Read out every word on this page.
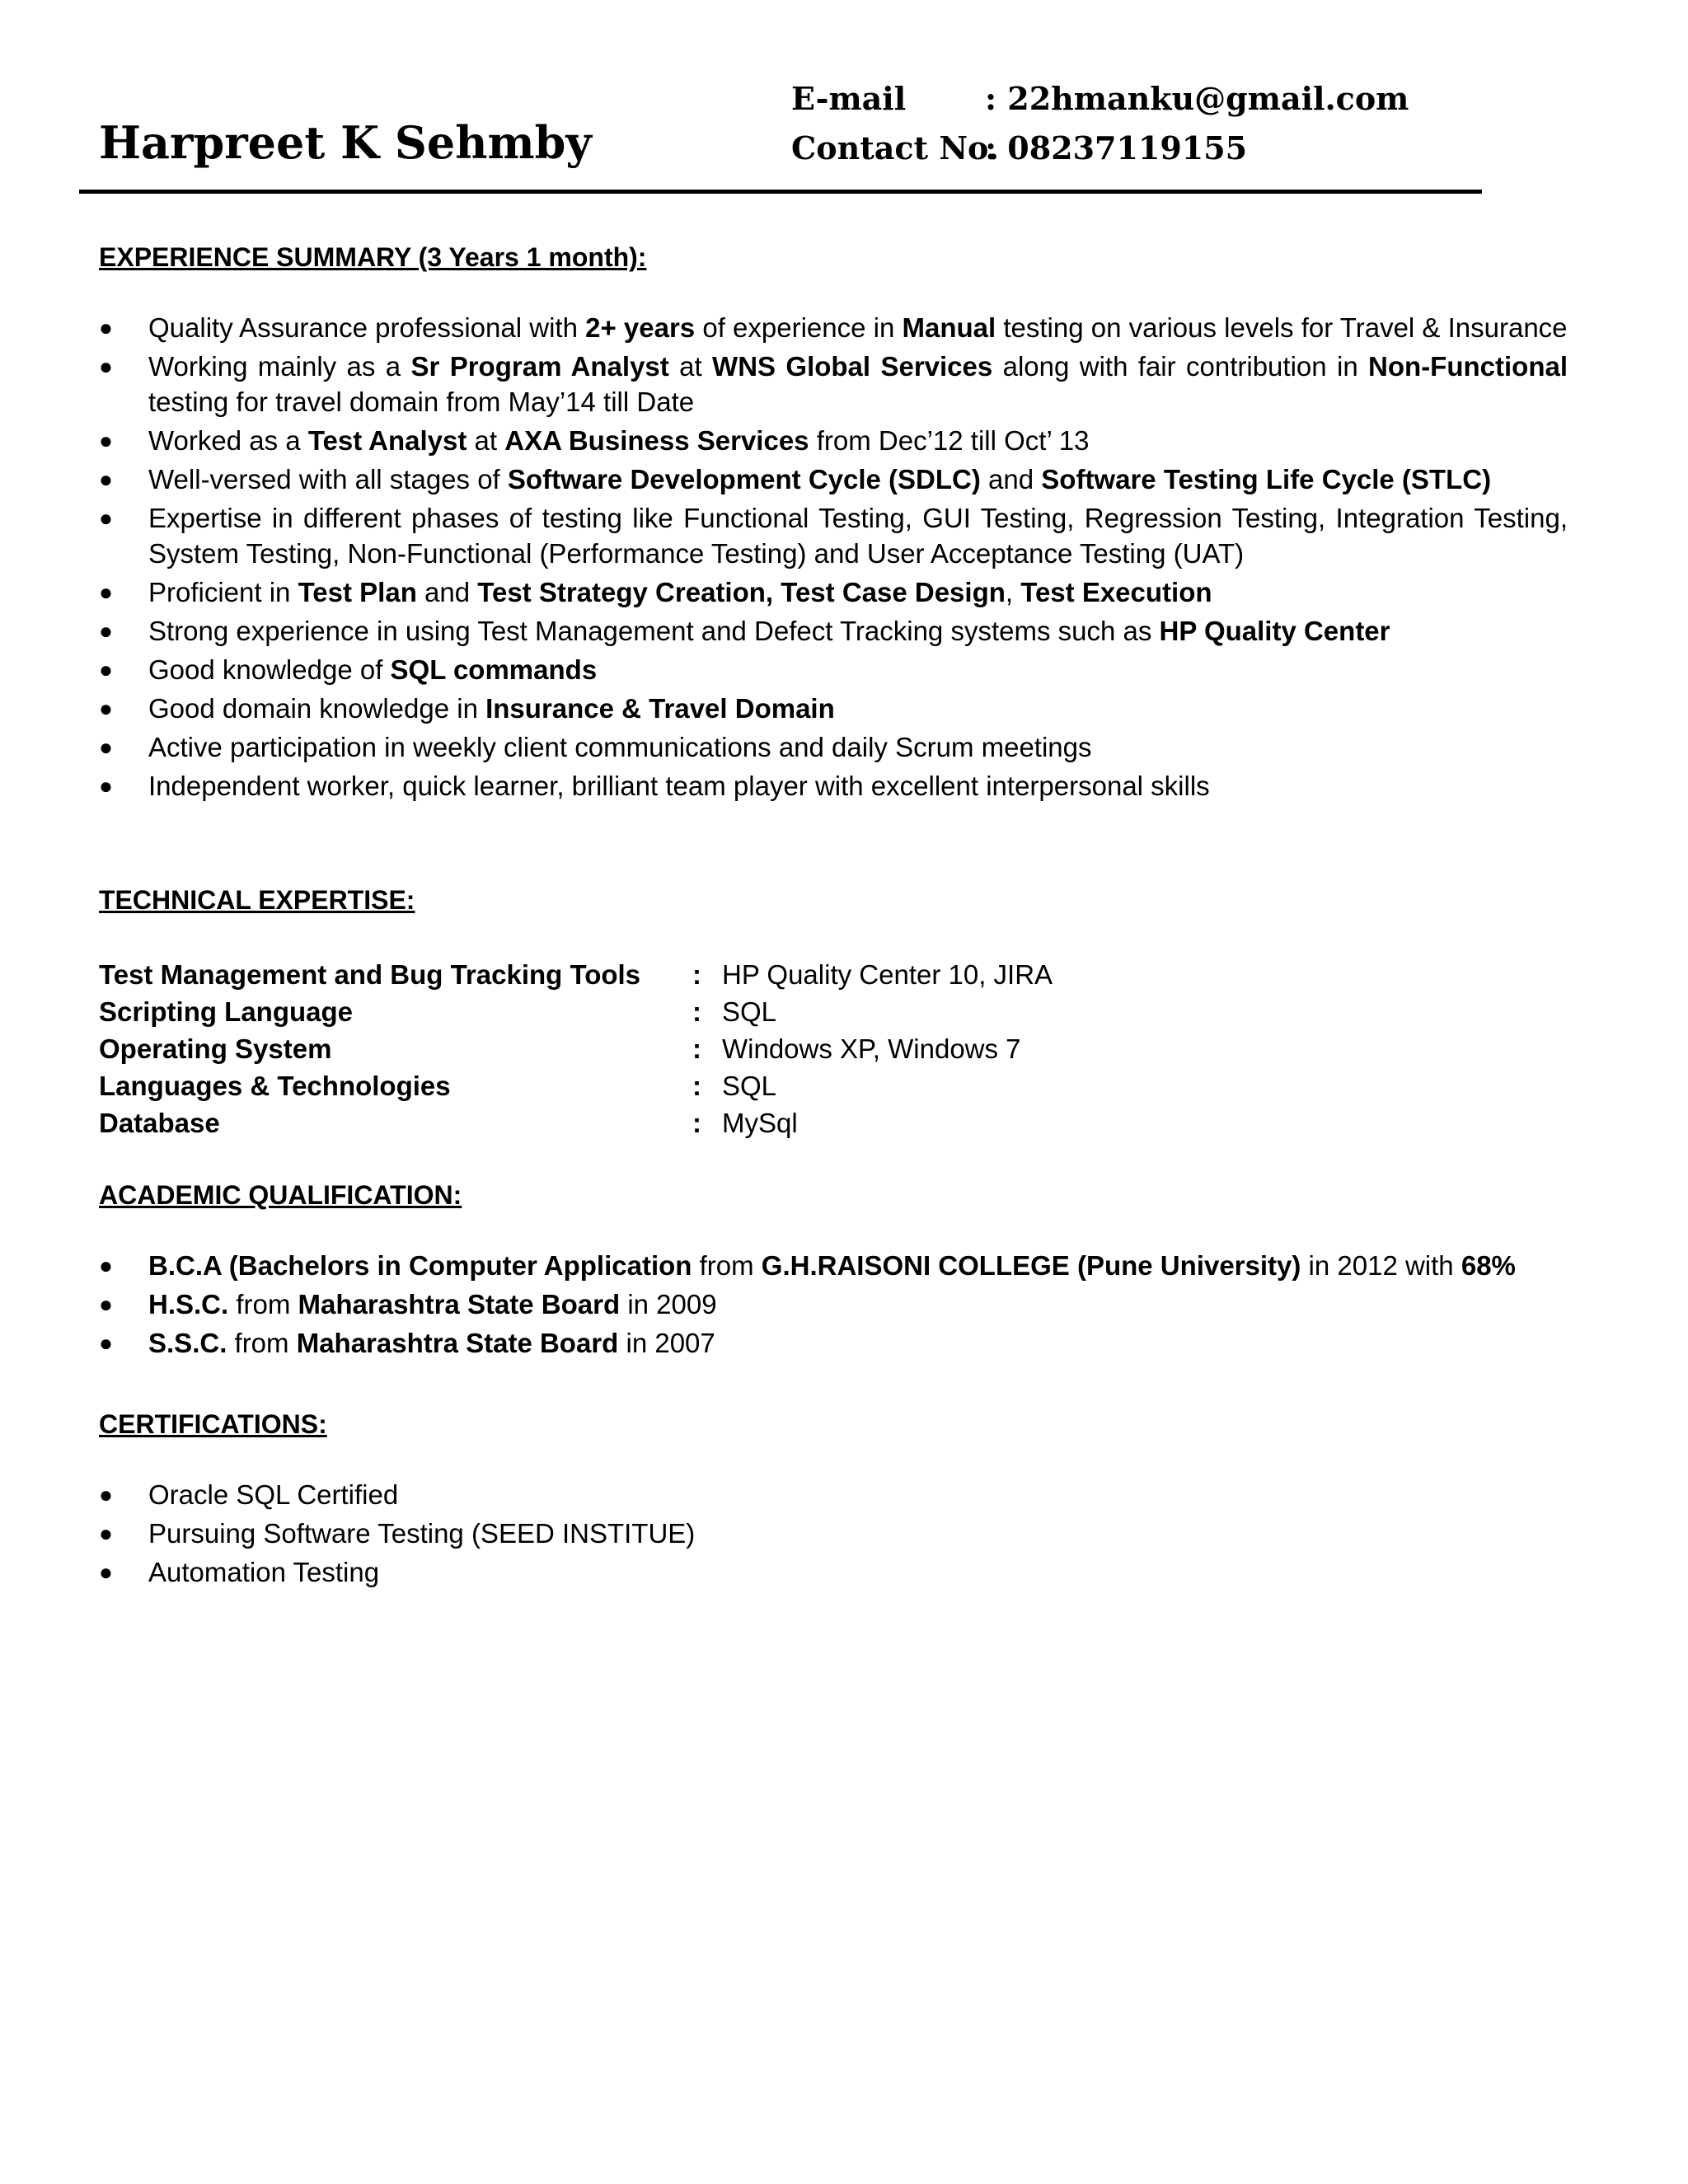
Harpreet K Sehmby
E-mail	: 22hmanku@gmail.com
Contact No.: 08237119155
EXPERIENCE SUMMARY (3 Years 1 month):
● Quality Assurance professional with 2+ years of experience in Manual testing on various levels for Travel & Insurance
● Working mainly as a Sr Program Analyst at WNS Global Services along with fair contribution in Non-Functional testing for travel domain from May’14 till Date
● Worked as a Test Analyst at AXA Business Services from Dec’12 till Oct’ 13
● Well-versed with all stages of Software Development Cycle (SDLC) and Software Testing Life Cycle (STLC)
● Expertise in different phases of testing like Functional Testing, GUI Testing, Regression Testing, Integration Testing, System Testing, Non-Functional (Performance Testing) and User Acceptance Testing (UAT)
● Proficient in Test Plan and Test Strategy Creation, Test Case Design, Test Execution
● Strong experience in using Test Management and Defect Tracking systems such as HP Quality Center
● Good knowledge of SQL commands
● Good domain knowledge in Insurance & Travel Domain
● Active participation in weekly client communications and daily Scrum meetings
● Independent worker, quick learner, brilliant team player with excellent interpersonal skills
TECHNICAL EXPERTISE:
Test Management and Bug Tracking Tools : HP Quality Center 10, JIRA
Scripting Language	: SQL
Operating System	: Windows XP, Windows 7
Languages & Technologies	: SQL
Database	: MySql
ACADEMIC QUALIFICATION:
● B.C.A (Bachelors in Computer Application from G.H.RAISONI COLLEGE (Pune University) in 2012 with 68%
● H.S.C. from Maharashtra State Board in 2009
● S.S.C. from Maharashtra State Board in 2007
CERTIFICATIONS:
● Oracle SQL Certified
● Pursuing Software Testing (SEED INSTITUE)
● Automation Testing
